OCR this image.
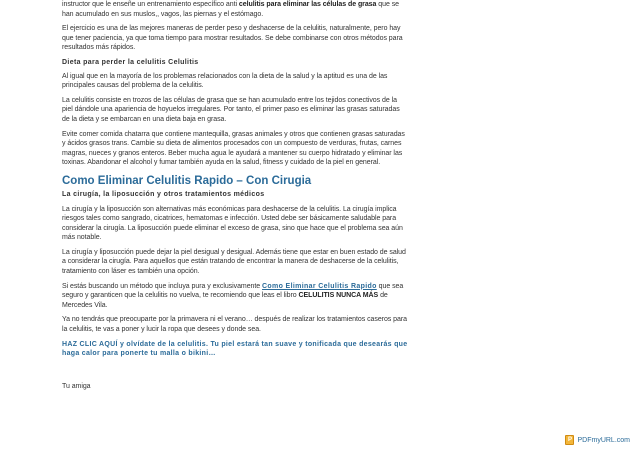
instructor que le enseñe un entrenamiento específico anti celulitis para eliminar las células de grasa que se han acumulado en sus muslos,, vagos, las piernas y el estómago.

El ejercicio es una de las mejores maneras de perder peso y deshacerse de la celulitis, naturalmente, pero hay que tener paciencia, ya que toma tiempo para mostrar resultados. Se debe combinarse con otros métodos para resultados más rápidos.

Dieta para perder la celulitis Celulitis

Al igual que en la mayoría de los problemas relacionados con la dieta de la salud y la aptitud es una de las principales causas del problema de la celulitis.

La celulitis consiste en trozos de las células de grasa que se han acumulado entre los tejidos conectivos de la piel dándole una apariencia de hoyuelos irregulares. Por tanto, el primer paso es eliminar las grasas saturadas de la dieta y se embarcan en una dieta baja en grasa.

Evite comer comida chatarra que contiene mantequilla, grasas animales y otros que contienen grasas saturadas y ácidos grasos trans. Cambie su dieta de alimentos procesados con un compuesto de verduras, frutas, carnes magras, nueces y granos enteros. Beber mucha agua le ayudará a mantener su cuerpo hidratado y eliminar las toxinas. Abandonar el alcohol y fumar también ayuda en la salud, fitness y cuidado de la piel en general.

Como Eliminar Celulitis Rapido – Con Cirugia
La cirugía, la liposucción y otros tratamientos médicos

La cirugía y la liposucción son alternativas más económicas para deshacerse de la celulitis. La cirugía implica riesgos tales como sangrado, cicatrices, hematomas e infección. Usted debe ser básicamente saludable para considerar la cirugía. La liposucción puede eliminar el exceso de grasa, sino que hace que el problema sea aún más notable.

La cirugía y liposucción puede dejar la piel desigual y desigual. Además tiene que estar en buen estado de salud a considerar la cirugía. Para aquellos que están tratando de encontrar la manera de deshacerse de la celulitis, tratamiento con láser es también una opción.

Si estás buscando un método que incluya pura y exclusivamente Como Eliminar Celulitis Rapido que sea seguro y garanticen que la celulitis no vuelva, te recomiendo que leas el libro CELULITIS NUNCA MÁS de Mercedes Vila.

Ya no tendrás que preocuparte por la primavera ni el verano… después de realizar los tratamientos caseros para la celulitis, te vas a poner y lucir la ropa que desees y donde sea.

HAZ CLIC AQUÍ y olvídate de la celulitis. Tu piel estará tan suave y tonificada que desearás que haga calor para ponerte tu malla o bikini…

Tu amiga

P PDFmyURL.com
